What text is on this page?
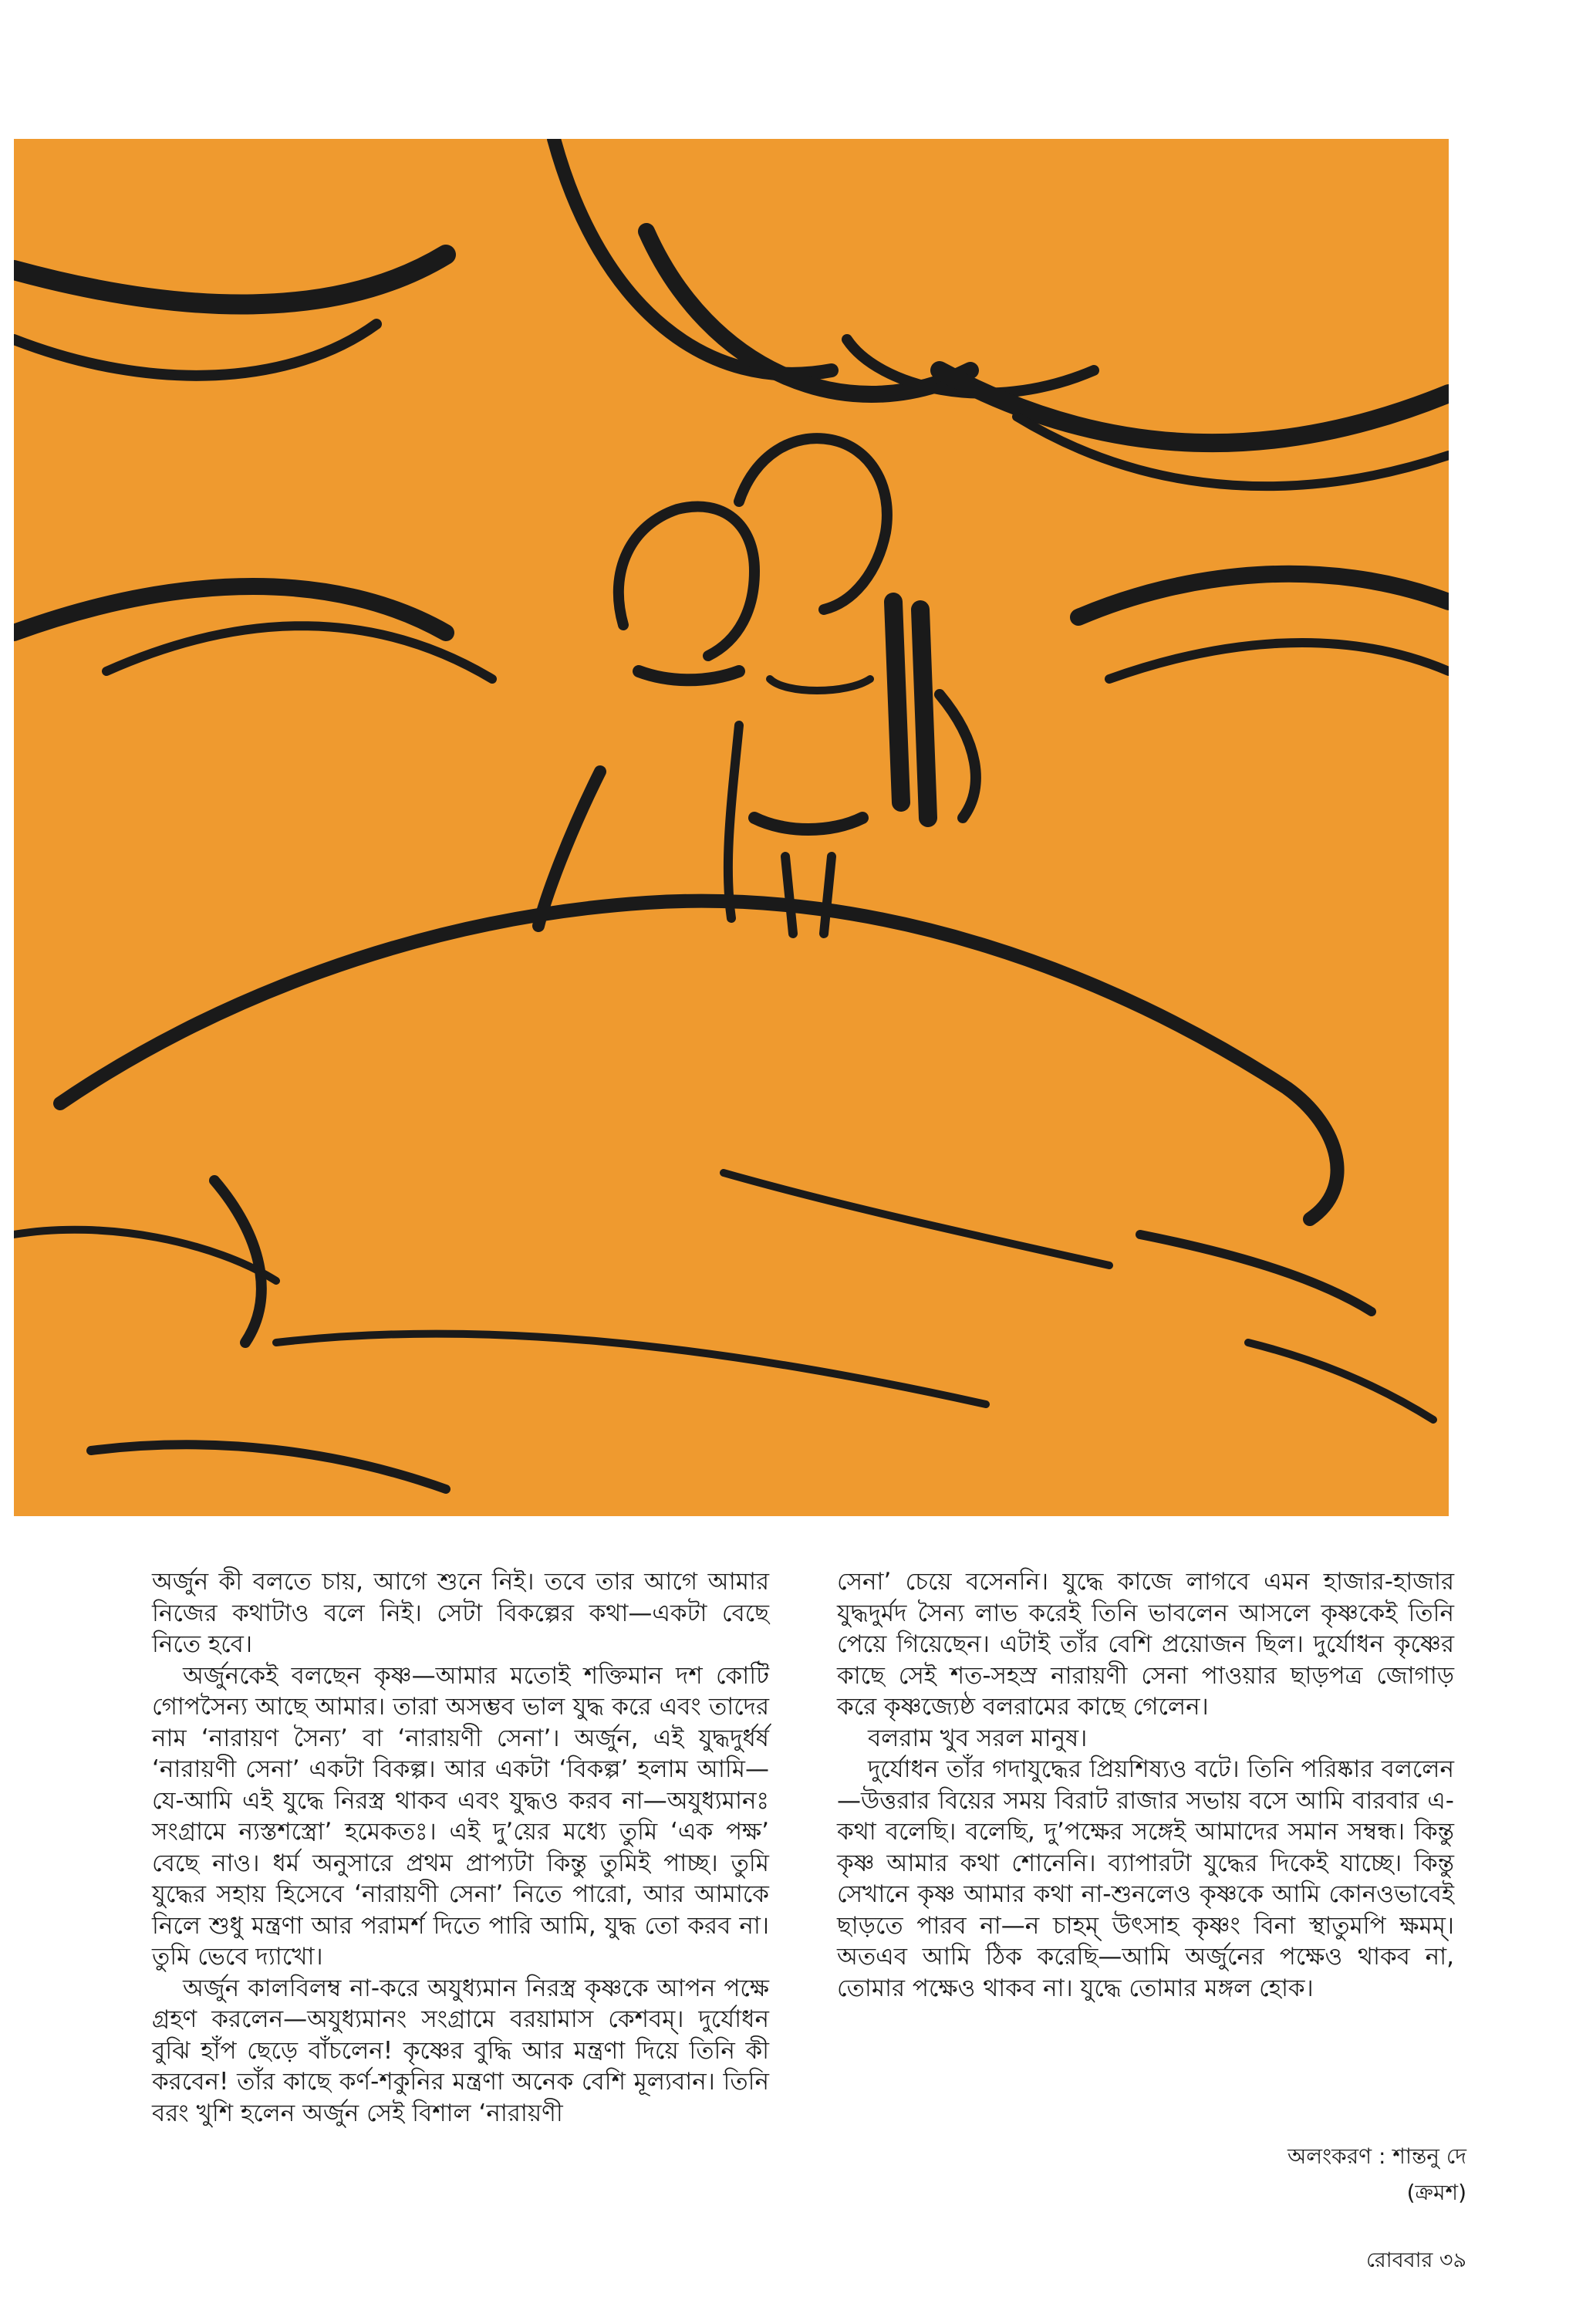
অর্জুন কী বলতে চায়, আগে শুনে নিই। তবে তার আগে আমার নিজের কথাটাও বলে নিই। সেটা বিকল্পের কথা—একটা বেছে নিতে হবে।

অর্জুনকেই বলছেন কৃষ্ণ—আমার মতোই শক্তিমান দশ কোটি গোপসৈন্য আছে আমার। তারা অসম্ভব ভাল যুদ্ধ করে এবং তাদের নাম ‘নারায়ণ সৈন্য’ বা ‘নারায়ণী সেনা’। অর্জুন, এই যুদ্ধদুর্ধর্ষ ‘নারায়ণী সেনা’ একটা বিকল্প। আর একটা ‘বিকল্প’ হলাম আমি—যে-আমি এই যুদ্ধে নিরস্ত্র থাকব এবং যুদ্ধও করব না—অযুধ্যমানঃ সংগ্রামে ন্যস্তশস্ত্রো’ হমেকতঃ। এই দু’য়ের মধ্যে তুমি ‘এক পক্ষ’ বেছে নাও। ধর্ম অনুসারে প্রথম প্রাপ্যটা কিন্তু তুমিই পাচ্ছ। তুমি যুদ্ধের সহায় হিসেবে ‘নারায়ণী সেনা’ নিতে পারো, আর আমাকে নিলে শুধু মন্ত্রণা আর পরামর্শ দিতে পারি আমি, যুদ্ধ তো করব না। তুমি ভেবে দ্যাখো।

অর্জুন কালবিলম্ব না-করে অযুধ্যমান নিরস্ত্র কৃষ্ণকে আপন পক্ষে গ্রহণ করলেন—অযুধ্যমানং সংগ্রামে বরয়ামাস কেশবম্। দুর্যোধন বুঝি হাঁপ ছেড়ে বাঁচলেন! কৃষ্ণের বুদ্ধি আর মন্ত্রণা দিয়ে তিনি কী করবেন! তাঁর কাছে কর্ণ-শকুনির মন্ত্রণা অনেক বেশি মূল্যবান। তিনি বরং খুশি হলেন অর্জুন সেই বিশাল ‘নারায়ণী

সেনা’ চেয়ে বসেননি। যুদ্ধে কাজে লাগবে এমন হাজার-হাজার যুদ্ধদুর্মদ সৈন্য লাভ করেই তিনি ভাবলেন আসলে কৃষ্ণকেই তিনি পেয়ে গিয়েছেন। এটাই তাঁর বেশি প্রয়োজন ছিল। দুর্যোধন কৃষ্ণের কাছে সেই শত-সহস্র নারায়ণী সেনা পাওয়ার ছাড়পত্র জোগাড় করে কৃষ্ণজ্যেষ্ঠ বলরামের কাছে গেলেন।

বলরাম খুব সরল মানুষ।

দুর্যোধন তাঁর গদাযুদ্ধের প্রিয়শিষ্যও বটে। তিনি পরিষ্কার বললেন—উত্তরার বিয়ের সময় বিরাট রাজার সভায় বসে আমি বারবার এ-কথা বলেছি। বলেছি, দু’পক্ষের সঙ্গেই আমাদের সমান সম্বন্ধ। কিন্তু কৃষ্ণ আমার কথা শোনেনি। ব্যাপারটা যুদ্ধের দিকেই যাচ্ছে। কিন্তু সেখানে কৃষ্ণ আমার কথা না-শুনলেও কৃষ্ণকে আমি কোনওভাবেই ছাড়তে পারব না—ন চাহম্ উৎসাহ কৃষ্ণং বিনা স্থাতুমপি ক্ষমম্। অতএব আমি ঠিক করেছি—আমি অর্জুনের পক্ষেও থাকব না, তোমার পক্ষেও থাকব না। যুদ্ধে তোমার মঙ্গল হোক।

অলংকরণ : শান্তনু দে
(ক্রমশ)
রোববার ৩৯
